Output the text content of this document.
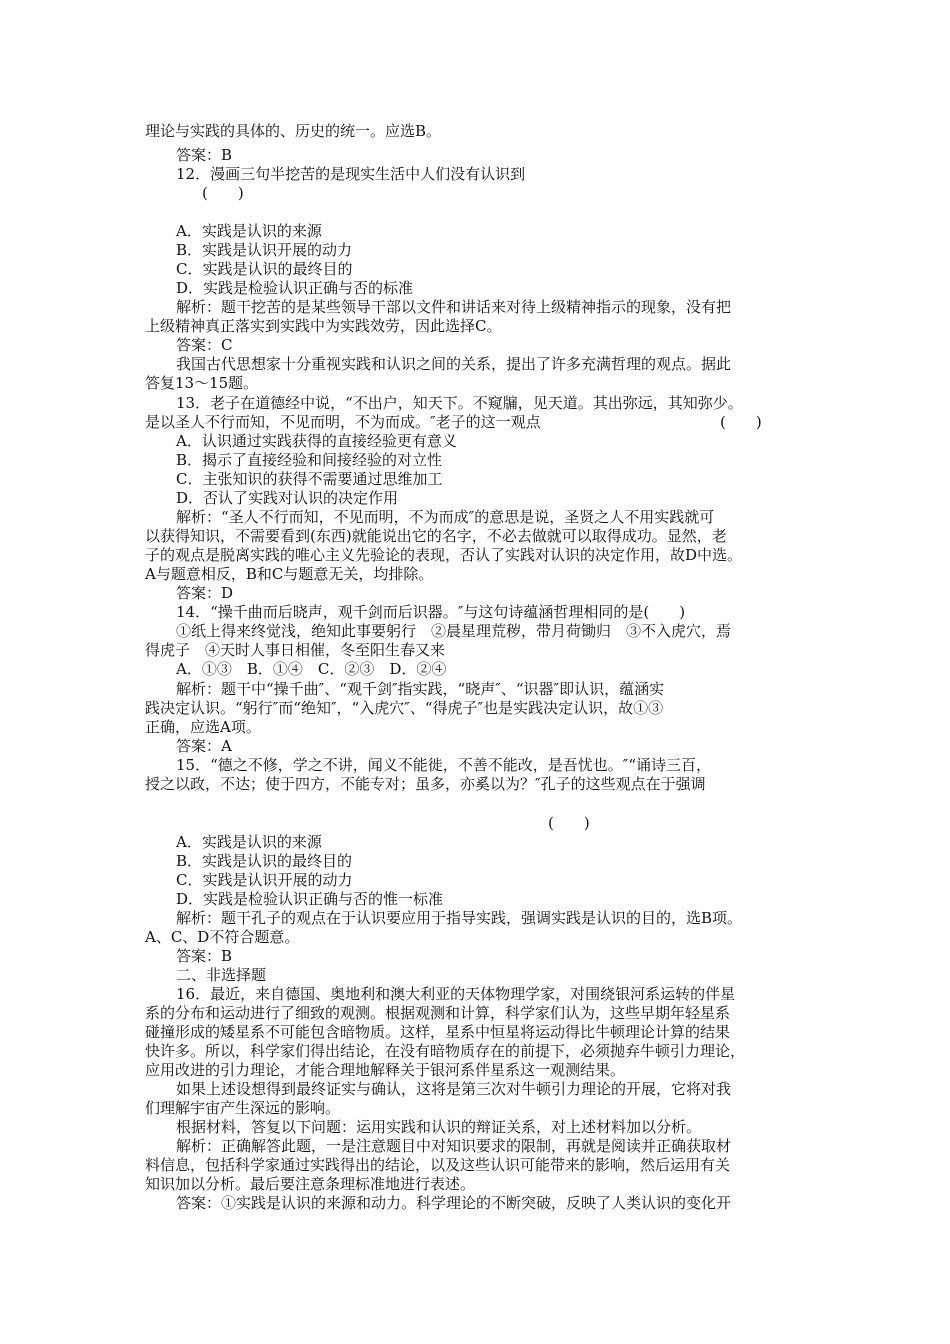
理论与实践的具体的、历史的统一。应选B。
答案：B
12．漫画三句半挖苦的是现实生活中人们没有认识到
(　　)
A．实践是认识的来源
B．实践是认识开展的动力
C．实践是认识的最终目的
D．实践是检验认识正确与否的标准
解析：题干挖苦的是某些领导干部以文件和讲话来对待上级精神指示的现象，没有把
上级精神真正落实到实践中为实践效劳，因此选择C。
答案：C
我国古代思想家十分重视实践和认识之间的关系，提出了许多充满哲理的观点。据此
答复13～15题。
13．老子在道德经中说，“不出户，知天下。不窥牖，见天道。其出弥远，其知弥少。
是以圣人不行而知，不见而明，不为而成。″老子的这一观点	(　　)
A．认识通过实践获得的直接经验更有意义
B．揭示了直接经验和间接经验的对立性
C．主张知识的获得不需要通过思维加工
D．否认了实践对认识的决定作用
解析：“圣人不行而知，不见而明，不为而成″的意思是说，圣贤之人不用实践就可
以获得知识，不需要看到(东西)就能说出它的名字，不必去做就可以取得成功。显然，老
子的观点是脱离实践的唯心主义先验论的表现，否认了实践对认识的决定作用，故D中选。
A与题意相反，B和C与题意无关，均排除。
答案：D
14．“操千曲而后晓声，观千剑而后识器。″与这句诗蕴涵哲理相同的是(　　)
①纸上得来终觉浅，绝知此事要躬行　②晨星理荒秽，带月荷锄归　③不入虎穴，焉
得虎子　④天时人事日相催，冬至阳生春又来
A．①③　B．①④　C．②③　D．②④
解析：题干中“操千曲″、“观千剑″指实践，“晓声″、“识器″即认识，蕴涵实
践决定认识。“躬行″而“绝知″，“入虎穴″、“得虎子″也是实践决定认识，故①③
正确，应选A项。
答案：A
15．“德之不修，学之不讲，闻义不能徙，不善不能改，是吾忧也。″“诵诗三百，
授之以政，不达；使于四方，不能专对；虽多，亦奚以为？″孔子的这些观点在于强调
(　　)
A．实践是认识的来源
B．实践是认识的最终目的
C．实践是认识开展的动力
D．实践是检验认识正确与否的惟一标准
解析：题干孔子的观点在于认识要应用于指导实践，强调实践是认识的目的，选B项。
A、C、D不符合题意。
答案：B
二、非选择题
16．最近，来自德国、奥地利和澳大利亚的天体物理学家，对围绕银河系运转的伴星
系的分布和运动进行了细致的观测。根据观测和计算，科学家们认为，这些早期年轻星系
碰撞形成的矮星系不可能包含暗物质。这样，星系中恒星将运动得比牛顿理论计算的结果
快许多。所以，科学家们得出结论，在没有暗物质存在的前提下，必须抛弃牛顿引力理论，
应用改进的引力理论，才能合理地解释关于银河系伴星系这一观测结果。
如果上述设想得到最终证实与确认，这将是第三次对牛顿引力理论的开展，它将对我
们理解宇宙产生深远的影响。
根据材料，答复以下问题：运用实践和认识的辩证关系，对上述材料加以分析。
解析：正确解答此题，一是注意题目中对知识要求的限制，再就是阅读并正确获取材
料信息，包括科学家通过实践得出的结论，以及这些认识可能带来的影响，然后运用有关
知识加以分析。最后要注意条理标准地进行表述。
答案：①实践是认识的来源和动力。科学理论的不断突破，反映了人类认识的变化开
